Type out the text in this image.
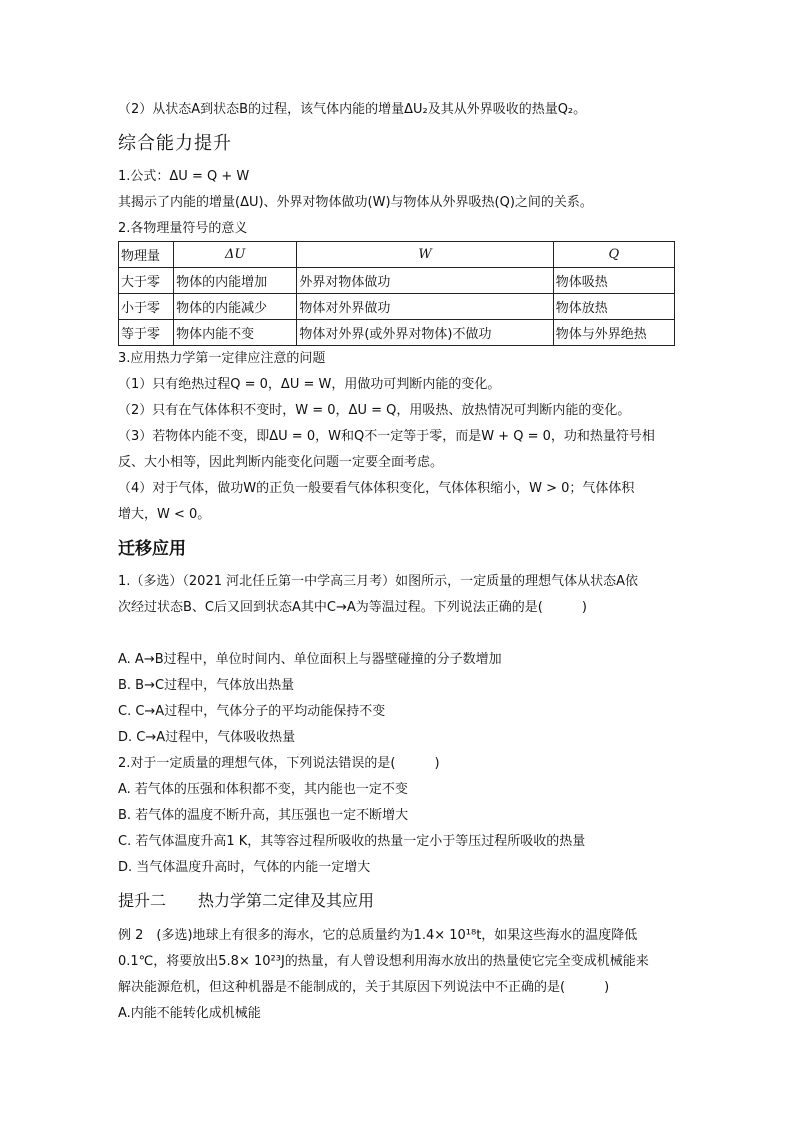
（2）从状态A到状态B的过程，该气体内能的增量ΔU₂及其从外界吸收的热量Q₂。
综合能力提升
1.公式：ΔU = Q + W
其揭示了内能的增量(ΔU)、外界对物体做功(W)与物体从外界吸热(Q)之间的关系。
2.各物理量符号的意义
物理量	ΔU	W	Q
大于零	物体的内能增加	外界对物体做功	物体吸热
小于零	物体的内能减少	物体对外界做功	物体放热
等于零	物体内能不变	物体对外界(或外界对物体)不做功	物体与外界绝热
3.应用热力学第一定律应注意的问题
（1）只有绝热过程Q = 0，ΔU = W，用做功可判断内能的变化。
（2）只有在气体体积不变时，W = 0，ΔU = Q，用吸热、放热情况可判断内能的变化。
（3）若物体内能不变，即ΔU = 0，W和Q不一定等于零，而是W + Q = 0，功和热量符号相
反、大小相等，因此判断内能变化问题一定要全面考虑。
（4）对于气体，做功W的正负一般要看气体体积变化，气体体积缩小，W > 0；气体体积
增大，W < 0。
迁移应用
1.（多选）（2021 河北任丘第一中学高三月考）如图所示，一定质量的理想气体从状态A依
次经过状态B、C后又回到状态A其中C→A为等温过程。下列说法正确的是(　　　)
A. A→B过程中，单位时间内、单位面积上与器壁碰撞的分子数增加
B. B→C过程中，气体放出热量
C. C→A过程中，气体分子的平均动能保持不变
D. C→A过程中，气体吸收热量
2.对于一定质量的理想气体，下列说法错误的是(　　　)
A. 若气体的压强和体积都不变，其内能也一定不变
B. 若气体的温度不断升高，其压强也一定不断增大
C. 若气体温度升高1 K，其等容过程所吸收的热量一定小于等压过程所吸收的热量
D. 当气体温度升高时，气体的内能一定增大
提升二　　热力学第二定律及其应用
例 2　(多选)地球上有很多的海水，它的总质量约为1.4× 10¹⁸t，如果这些海水的温度降低
0.1℃，将要放出5.8× 10²³J的热量，有人曾设想利用海水放出的热量使它完全变成机械能来
解决能源危机，但这种机器是不能制成的，关于其原因下列说法中不正确的是(　　　)
A.内能不能转化成机械能
